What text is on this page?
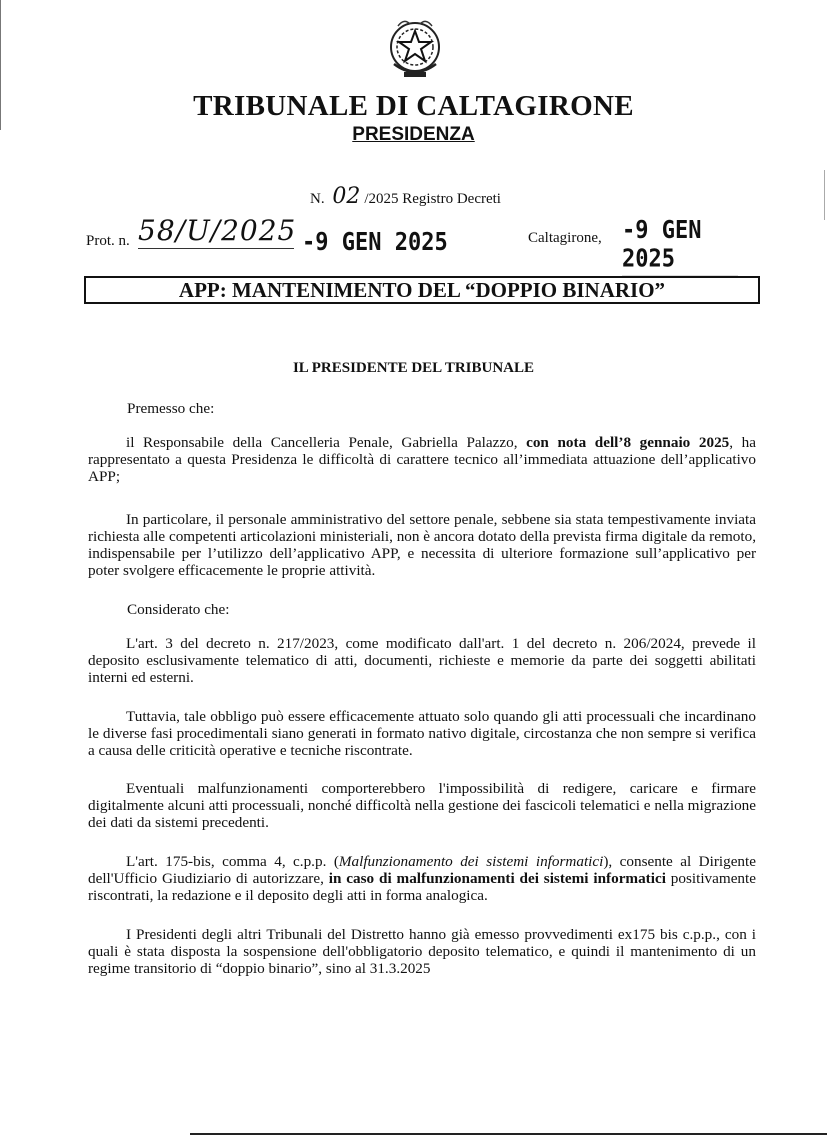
TRIBUNALE DI CALTAGIRONE
PRESIDENZA
N. 02 /2025 Registro Decreti
Prot. n. 58/U/2025 -9 GEN 2025	Caltagirone, -9 GEN 2025
APP: MANTENIMENTO DEL “DOPPIO BINARIO”
IL PRESIDENTE DEL TRIBUNALE
Premesso che:

il Responsabile della Cancelleria Penale, Gabriella Palazzo, con nota dell’8 gennaio 2025, ha rappresentato a questa Presidenza le difficoltà di carattere tecnico all’immediata attuazione dell’applicativo APP;

In particolare, il personale amministrativo del settore penale, sebbene sia stata tempestivamente inviata richiesta alle competenti articolazioni ministeriali, non è ancora dotato della prevista firma digitale da remoto, indispensabile per l’utilizzo dell’applicativo APP, e necessita di ulteriore formazione sull’applicativo per poter svolgere efficacemente le proprie attività.

Considerato che:

L'art. 3 del decreto n. 217/2023, come modificato dall'art. 1 del decreto n. 206/2024, prevede il deposito esclusivamente telematico di atti, documenti, richieste e memorie da parte dei soggetti abilitati interni ed esterni.

Tuttavia, tale obbligo può essere efficacemente attuato solo quando gli atti processuali che incardinano le diverse fasi procedimentali siano generati in formato nativo digitale, circostanza che non sempre si verifica a causa delle criticità operative e tecniche riscontrate.

Eventuali malfunzionamenti comporterebbero l'impossibilità di redigere, caricare e firmare digitalmente alcuni atti processuali, nonché difficoltà nella gestione dei fascicoli telematici e nella migrazione dei dati da sistemi precedenti.

L'art. 175-bis, comma 4, c.p.p. (Malfunzionamento dei sistemi informatici), consente al Dirigente dell'Ufficio Giudiziario di autorizzare, in caso di malfunzionamenti dei sistemi informatici positivamente riscontrati, la redazione e il deposito degli atti in forma analogica.

I Presidenti degli altri Tribunali del Distretto hanno già emesso provvedimenti ex175 bis c.p.p., con i quali è stata disposta la sospensione dell'obbligatorio deposito telematico, e quindi il mantenimento di un regime transitorio di “doppio binario”, sino al 31.3.2025
